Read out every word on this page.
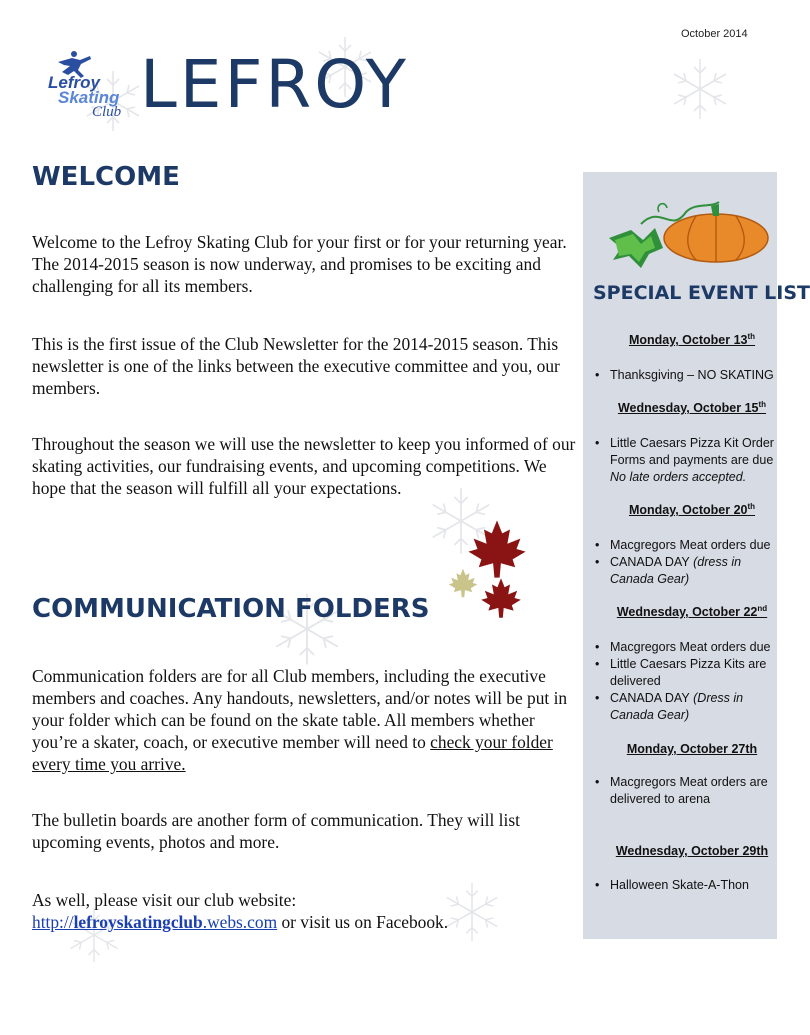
October 2014
Lefroy
Skating
Club LEFROY
WELCOME

Welcome to the Lefroy Skating Club for your first or for your returning year. The 2014-2015 season is now underway, and promises to be exciting and challenging for all its members.

This is the first issue of the Club Newsletter for the 2014-2015 season. This newsletter is one of the links between the executive committee and you, our members.

Throughout the season we will use the newsletter to keep you informed of our skating activities, our fundraising events, and upcoming competitions. We hope that the season will fulfill all your expectations.

COMMUNICATION FOLDERS

Communication folders are for all Club members, including the executive members and coaches. Any handouts, newsletters, and/or notes will be put in your folder which can be found on the skate table. All members whether you’re a skater, coach, or executive member will need to check your folder every time you arrive.

The bulletin boards are another form of communication. They will list upcoming events, photos and more.

As well, please visit our club website:
http://lefroyskatingclub.webs.com or visit us on Facebook.

SPECIAL EVENT LIST
Monday, October 13th
• Thanksgiving – NO SKATING
Wednesday, October 15th
• Little Caesars Pizza Kit Order
Forms and payments are due
No late orders accepted.
Monday, October 20th
• Macgregors Meat orders due
• CANADA DAY (dress in
Canada Gear)
Wednesday, October 22nd
• Macgregors Meat orders due
• Little Caesars Pizza Kits are
delivered
• CANADA DAY (Dress in
Canada Gear)
Monday, October 27th
• Macgregors Meat orders are
delivered to arena
Wednesday, October 29th
• Halloween Skate-A-Thon
